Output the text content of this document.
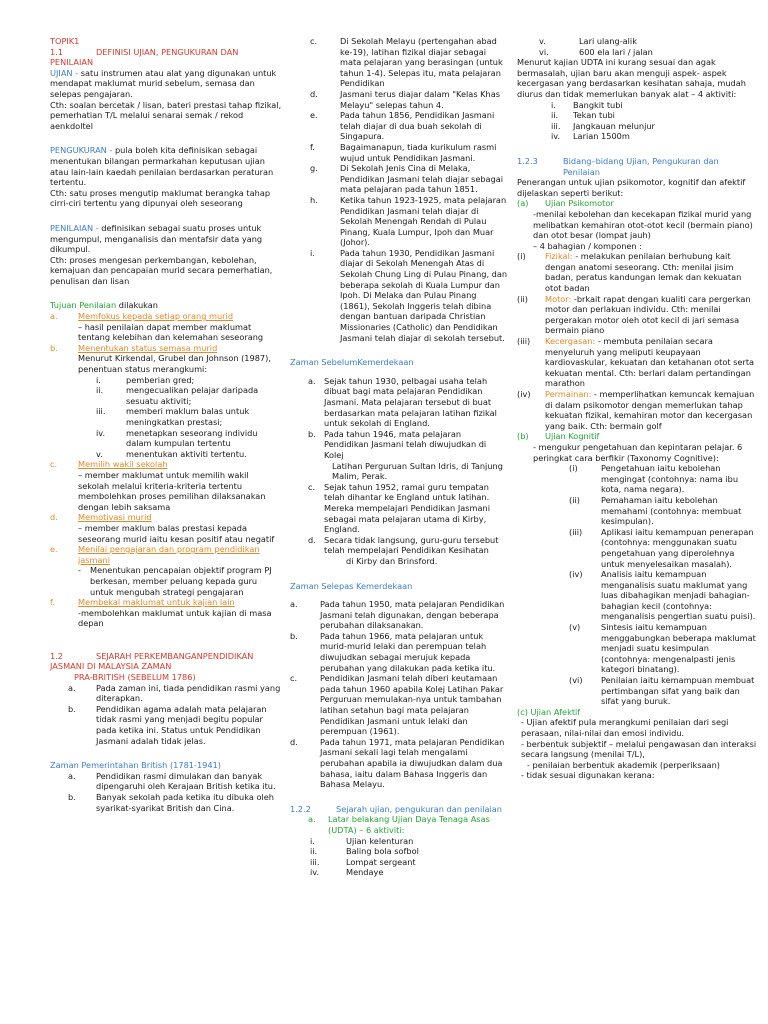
TOPIK1
1.1	DEFINISI UJIAN, PENGUKURAN DAN
PENILAIAN
UJIAN - satu instrumen atau alat yang digunakan untuk mendapat maklumat murid sebelum, semasa dan selepas pengajaran.
Cth: soalan bercetak / lisan, bateri prestasi tahap fizikal, pemerhatian T/L melalui senarai semak / rekod aenkdoltel
PENGUKURAN - pula boleh kita definisikan sebagai menentukan bilangan permarkahan keputusan ujian atau lain-lain kaedah penilaian berdasarkan peraturan tertentu.
Cth: satu proses mengutip maklumat berangka tahap cirri-ciri tertentu yang dipunyai oleh seseorang
PENILAIAN - definisikan sebagai suatu proses untuk mengumpul, menganalisis dan mentafsir data yang dikumpul.
Cth: proses mengesan perkembangan, kebolehan, kemajuan dan pencapaian murid secara pemerhatian, penulisan dan lisan
Tujuan Penilaian dilakukan
a.	Memfokus kepada setiap orang murid
– hasil penilaian dapat member maklumat tentang kelebihan dan kelemahan seseorang
b.	Menentukan status semasa murid
Menurut Kirkendal, Grubel dan Johnson (1987), penentuan status merangkumi:
i.	pemberian gred;
ii.	mengecualikan pelajar daripada sesuatu aktiviti;
iii.	memberi maklum balas untuk meningkatkan prestasi;
iv.	menetapkan seseorang individu dalam kumpulan tertentu
v.	menentukan aktiviti tertentu.
c.	Memilih wakil sekolah
– member maklumat untuk memilih wakil sekolah melalui kriteria-kriteria tertentu membolehkan proses pemilihan dilaksanakan dengan lebih saksama
d.	Memotivasi murid
– member maklum balas prestasi kepada seseorang murid iaitu kesan positif atau negatif
e.	Menilai pengajaran dan program pendidikan jasmani
-	Menentukan pencapaian objektif program PJ berkesan, member peluang kepada guru untuk mengubah strategi pengajaran
f.	Membekal maklumat untuk kajian lain
-membolehkan maklumat untuk kajian di masa depan
1.2	SEJARAH PERKEMBANGANPENDIDIKAN JASMANI DI MALAYSIA ZAMAN
PRA-BRITISH (SEBELUM 1786)
a.	Pada zaman ini, tiada pendidikan rasmi yang diterapkan.
b.	Pendidikan agama adalah mata pelajaran tidak rasmi yang menjadi begitu popular pada ketika ini. Status untuk Pendidikan Jasmani adalah tidak jelas.
Zaman Pemerintahan British (1781-1941)
a.	Pendidikan rasmi dimulakan dan banyak dipengaruhi oleh Kerajaan British ketika itu.
b.	Banyak sekolah pada ketika itu dibuka oleh syarikat-syarikat British dan Cina.
c.	Di Sekolah Melayu (pertengahan abad ke-19), latihan fizikal diajar sebagai mata pelajaran yang berasingan (untuk tahun 1-4). Selepas itu, mata pelajaran Pendidikan
d.	Jasmani terus diajar dalam "Kelas Khas Melayu" selepas tahun 4.
e.	Pada tahun 1856, Pendidikan Jasmani telah diajar di dua buah sekolah di Singapura.
f.	Bagaimanapun, tiada kurikulum rasmi wujud untuk Pendidikan Jasmani.
g.	Di Sekolah Jenis Cina di Melaka, Pendidikan Jasmani telah diajar sebagai mata pelajaran pada tahun 1851.
h.	Ketika tahun 1923-1925, mata pelajaran Pendidikan Jasmani telah diajar di Sekolah Menengah Rendah di Pulau Pinang, Kuala Lumpur, Ipoh dan Muar (Johor).
i.	Pada tahun 1930, Pendidikan Jasmani diajar di Sekolah Menengah Atas di Sekolah Chung Ling di Pulau Pinang, dan beberapa sekolah di Kuala Lumpur dan Ipoh. Di Melaka dan Pulau Pinang (1861), Sekolah Inggeris telah dibina dengan bantuan daripada Christian Missionaries (Catholic) dan Pendidikan Jasmani telah diajar di sekolah tersebut.
Zaman SebelumKemerdekaan
a.	Sejak tahun 1930, pelbagai usaha telah dibuat bagi mata pelajaran Pendidikan Jasmani. Mata pelajaran tersebut di buat berdasarkan mata pelajaran latihan fizikal untuk sekolah di England.
b. Pada tahun 1946, mata pelajaran Pendidikan Jasmani telah diwujudkan di Kolej
Latihan Perguruan Sultan Idris, di Tanjung Malim, Perak.
c.	Sejak tahun 1952, ramai guru tempatan telah dihantar ke England untuk latihan. Mereka mempelajari Pendidikan Jasmani sebagai mata pelajaran utama di Kirby, England.
d. Secara tidak langsung, guru-guru tersebut telah mempelajari Pendidikan Kesihatan
di Kirby dan Brinsford.
Zaman Selepas Kemerdekaan
a.	Pada tahun 1950, mata pelajaran Pendidikan Jasmani telah digunakan, dengan beberapa perubahan dilaksanakan.
b.	Pada tahun 1966, mata pelajaran untuk murid-murid lelaki dan perempuan telah diwujudkan sebagai merujuk kepada perubahan yang dilakukan pada ketika itu.
c.	Pendidikan Jasmani telah diberi keutamaan pada tahun 1960 apabila Kolej Latihan Pakar Perguruan memulakan-nya untuk tambahan latihan setahun bagi mata pelajaran Pendidikan Jasmani untuk lelaki dan perempuan (1961).
d.	Pada tahun 1971, mata pelajaran Pendidikan Jasmani sekali lagi telah mengalami perubahan apabila ia diwujudkan dalam dua bahasa, iaitu dalam Bahasa Inggeris dan Bahasa Melayu.
1.2.2	Sejarah ujian, pengukuran dan penilaian
a.	Latar belakang Ujian Daya Tenaga Asas (UDTA) – 6 aktiviti:
i.	Ujian kelenturan
ii.	Baling bola sofbol
iii.	Lompat sergeant
iv.	Mendaye
v.	Lari ulang-alik
vi.	600 ela lari / jalan
Menurut kajian UDTA ini kurang sesuai dan agak bermasalah, ujian baru akan menguji aspek- aspek kecergasan yang berdasarkan kesihatan sahaja, mudah diurus dan tidak memerlukan banyak alat – 4 aktiviti:
i.	Bangkit tubi
ii.	Tekan tubi
iii.	Jangkauan melunjur
iv.	Larian 1500m
1.2.3	Bidang–bidang Ujian, Pengukuran dan Penilaian
Penerangan untuk ujian psikomotor, kognitif dan afektif dijelaskan seperti berikut:
(a)	Ujian Psikomotor
-menilai kebolehan dan kecekapan fizikal murid yang melibatkan kemahiran otot-otot kecil (bermain piano) dan otot besar (lompat jauh)
– 4 bahagian / komponen :
(i)	Fizikal: - melakukan penilaian berhubung kait dengan anatomi seseorang. Cth: menilai jisim badan, peratus kandungan lemak dan kekuatan otot badan
(ii)	Motor: -brkait rapat dengan kualiti cara pergerkan motor dan perlakuan individu. Cth: menilai pergerakan motor oleh otot kecil di jari semasa bermain piano
(iii)	Kecergasan: - membuta penilaian secara menyeluruh yang meliputi keupayaan kardiovaskular, kekuatan dan ketahanan otot serta kekuatan mental. Cth: berlari dalam pertandingan marathon
(iv)	Permainan: - memperlihatkan kemuncak kemajuan di dalam psikomotor dengan memerlukan tahap kekuatan fizikal, kemahiran motor dan kecergasan yang baik. Cth: bermain golf
(b)	Ujian Kognitif
- mengukur pengetahuan dan kepintaran pelajar. 6 peringkat cara berfikir (Taxonomy Cognitive):
(i)	Pengetahuan iaitu kebolehan mengingat (contohnya: nama ibu kota, nama negara).
(ii)	Pemahaman iaitu kebolehan memahami (contohnya: membuat kesimpulan).
(iii)	Aplikasi iaitu kemampuan penerapan (contohnya: menggunakan suatu pengetahuan yang diperolehnya untuk menyelesaikan masalah).
(iv)	Analisis iaitu kemampuan menganalisis suatu maklumat yang luas dibahagikan menjadi bahagian-bahagian kecil (contohnya: menganalisis pengertian suatu puisi).
(v)	Sintesis iaitu kemampuan menggabungkan beberapa maklumat menjadi suatu kesimpulan (contohnya: mengenalpasti jenis kategori binatang).
(vi)	Penilaian iaitu kemampuan membuat pertimbangan sifat yang baik dan sifat yang buruk.
(c) Ujian Afektif
- Ujian afektif pula merangkumi penilaian dari segi perasaan, nilai-nilai dan emosi individu.
- berbentuk subjektif – melalui pengawasan dan interaksi secara langsung (menilai T/L),
- penilaian berbentuk akademik (perperiksaan)
- tidak sesuai digunakan kerana:
